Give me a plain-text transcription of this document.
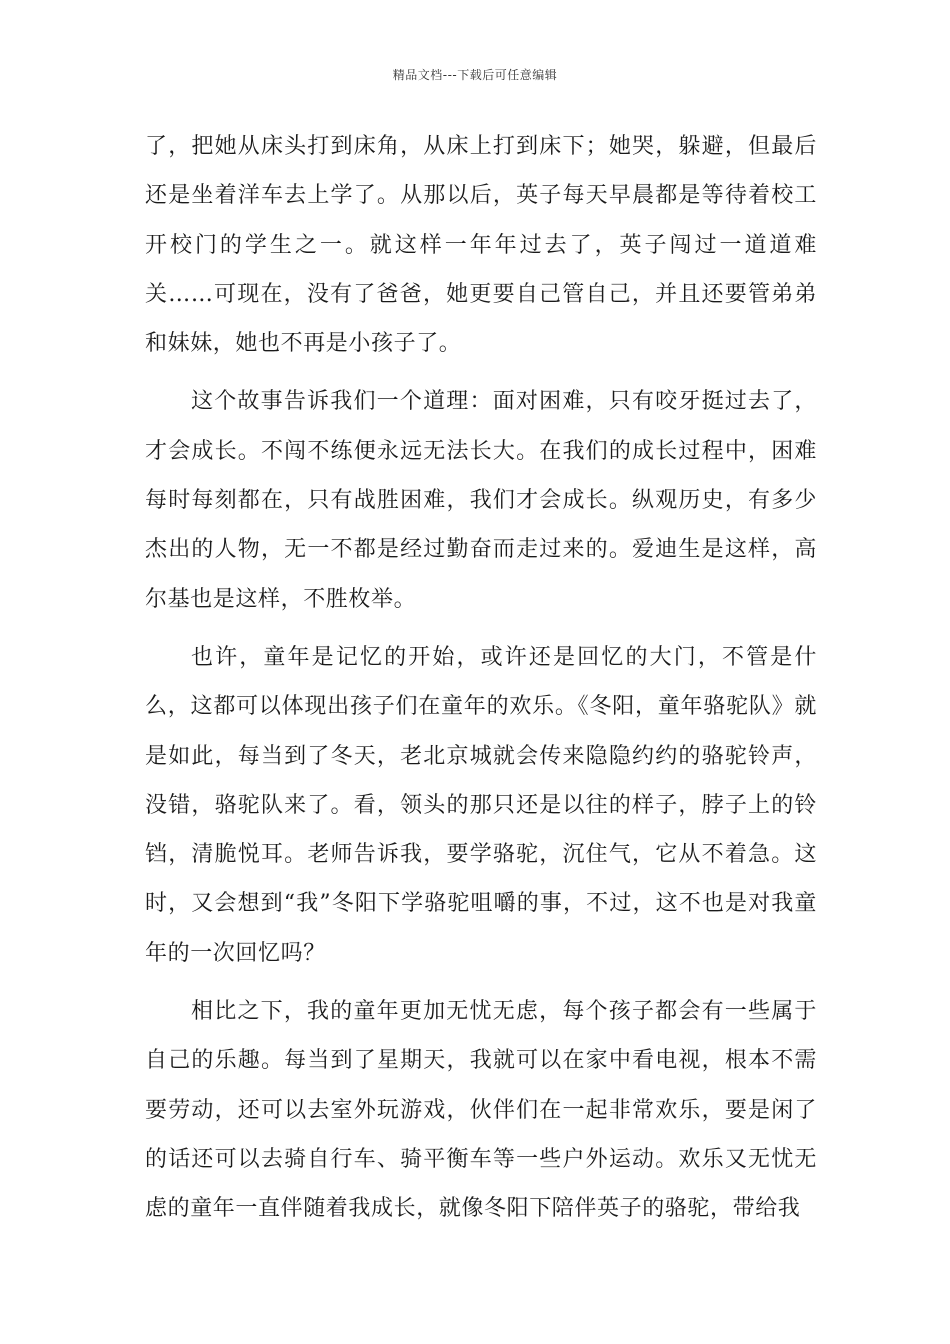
精品文档---下载后可任意编辑

了，把她从床头打到床角，从床上打到床下；她哭，躲避，但最后还是坐着洋车去上学了。从那以后，英子每天早晨都是等待着校工开校门的学生之一。就这样一年年过去了，英子闯过一道道难关……可现在，没有了爸爸，她更要自己管自己，并且还要管弟弟和妹妹，她也不再是小孩子了。

这个故事告诉我们一个道理：面对困难，只有咬牙挺过去了，才会成长。不闯不练便永远无法长大。在我们的成长过程中，困难每时每刻都在，只有战胜困难，我们才会成长。纵观历史，有多少杰出的人物，无一不都是经过勤奋而走过来的。爱迪生是这样，高尔基也是这样，不胜枚举。

也许，童年是记忆的开始，或许还是回忆的大门，不管是什么，这都可以体现出孩子们在童年的欢乐。《冬阳，童年骆驼队》就是如此，每当到了冬天，老北京城就会传来隐隐约约的骆驼铃声，没错，骆驼队来了。看，领头的那只还是以往的样子，脖子上的铃铛，清脆悦耳。老师告诉我，要学骆驼，沉住气，它从不着急。这时，又会想到“我”冬阳下学骆驼咀嚼的事，不过，这不也是对我童年的一次回忆吗？

相比之下，我的童年更加无忧无虑，每个孩子都会有一些属于自己的乐趣。每当到了星期天，我就可以在家中看电视，根本不需要劳动，还可以去室外玩游戏，伙伴们在一起非常欢乐，要是闲了的话还可以去骑自行车、骑平衡车等一些户外运动。欢乐又无忧无虑的童年一直伴随着我成长，就像冬阳下陪伴英子的骆驼，带给我
